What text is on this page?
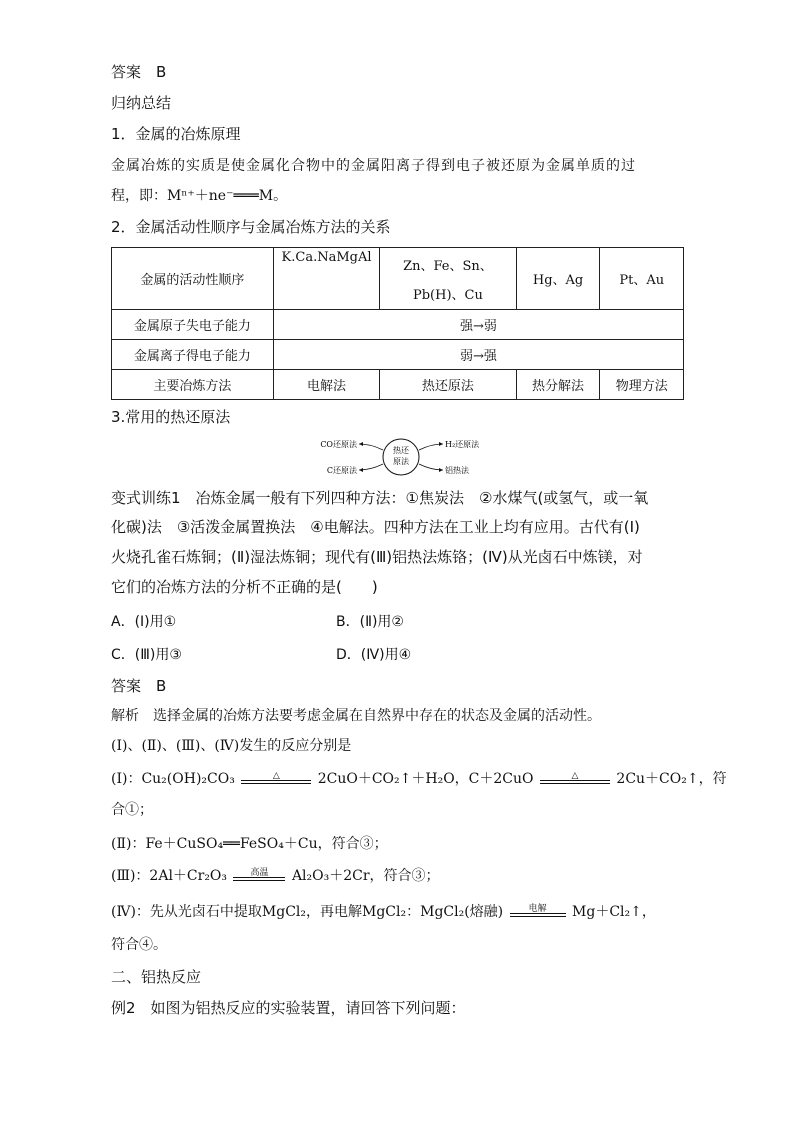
答案　B
归纳总结
1．金属的冶炼原理
金属冶炼的实质是使金属化合物中的金属阳离子得到电子被还原为金属单质的过
程，即：Mⁿ⁺＋ne⁻═══M。
2．金属活动性顺序与金属冶炼方法的关系
金属的活动性顺序	K.Ca.NaMgAl	Zn、Fe、Sn、
Pb(H)、Cu	Hg、Ag	Pt、Au
金属原子失电子能力	强→弱			
金属离子得电子能力	弱→强			
主要冶炼方法	电解法	热还原法	热分解法	物理方法
3.常用的热还原法
热还
原法
CO还原法
C还原法
H₂还原法
铝热法
变式训练1　冶炼金属一般有下列四种方法：①焦炭法　②水煤气(或氢气，或一氧
化碳)法　③活泼金属置换法　④电解法。四种方法在工业上均有应用。古代有(Ⅰ)
火烧孔雀石炼铜；(Ⅱ)湿法炼铜；现代有(Ⅲ)铝热法炼铬；(Ⅳ)从光卤石中炼镁，对
它们的冶炼方法的分析不正确的是(　　)
A．(Ⅰ)用①	B．(Ⅱ)用②
C．(Ⅲ)用③	D．(Ⅳ)用④
答案　B
解析　选择金属的冶炼方法要考虑金属在自然界中存在的状态及金属的活动性。
(Ⅰ)、(Ⅱ)、(Ⅲ)、(Ⅳ)发生的反应分别是
(Ⅰ)：Cu₂(OH)₂CO₃	△	2CuO＋CO₂↑＋H₂O，C＋2CuO	△	2Cu＋CO₂↑，符
合①；
(Ⅱ)：Fe＋CuSO₄══FeSO₄＋Cu，符合③；
(Ⅲ)：2Al＋Cr₂O₃	高温	Al₂O₃＋2Cr，符合③；
(Ⅳ)：先从光卤石中提取MgCl₂，再电解MgCl₂：MgCl₂(熔融)	电解	Mg＋Cl₂↑，
符合④。
二、铝热反应
例2　如图为铝热反应的实验装置，请回答下列问题：
